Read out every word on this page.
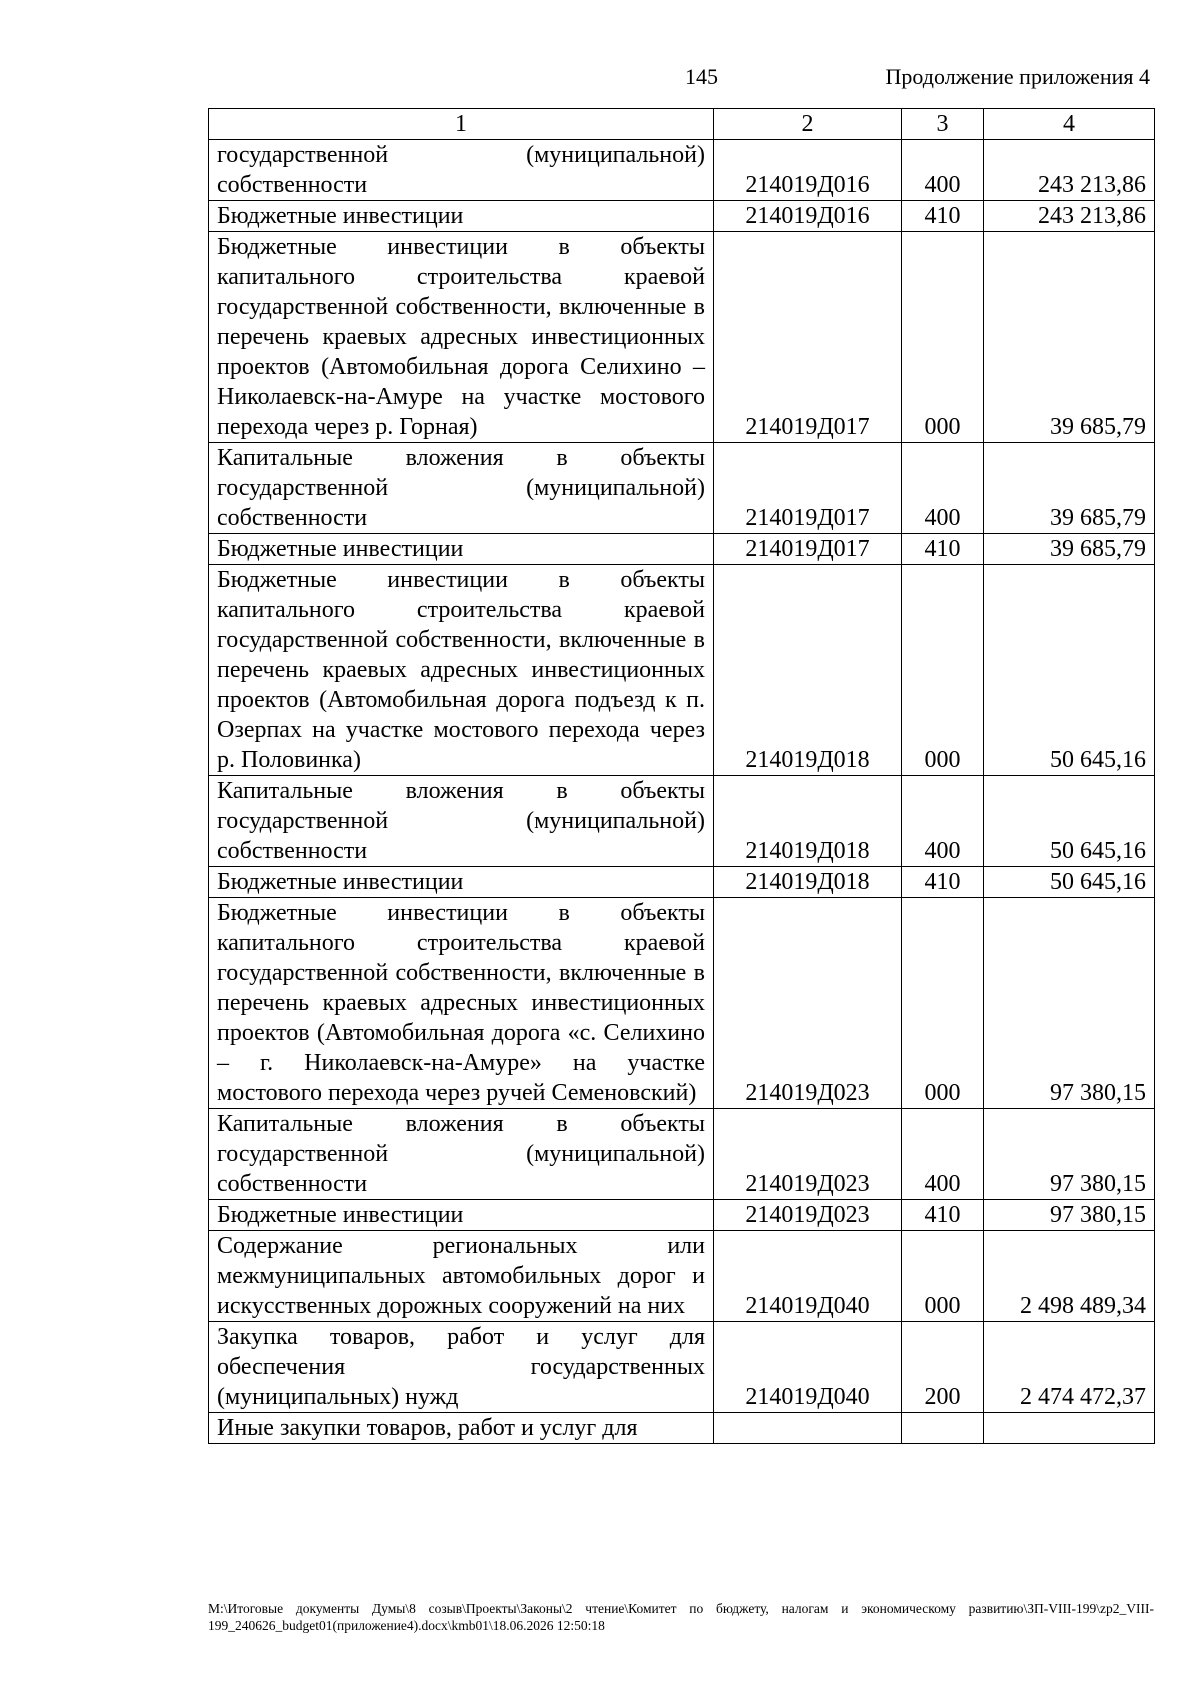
145	Продолжение приложения 4
1	2	3	4
государственной (муниципальной) собственности	214019Д016	400	243 213,86
Бюджетные инвестиции	214019Д016	410	243 213,86
Бюджетные инвестиции в объекты капитального строительства краевой государственной собственности, включенные в перечень краевых адресных инвестиционных проектов (Автомобильная дорога Селихино – Николаевск-на-Амуре на участке мостового перехода через р. Горная)	214019Д017	000	39 685,79
Капитальные вложения в объекты государственной (муниципальной) собственности	214019Д017	400	39 685,79
Бюджетные инвестиции	214019Д017	410	39 685,79
Бюджетные инвестиции в объекты капитального строительства краевой государственной собственности, включенные в перечень краевых адресных инвестиционных проектов (Автомобильная дорога подъезд к п. Озерпах на участке мостового перехода через р. Половинка)	214019Д018	000	50 645,16
Капитальные вложения в объекты государственной (муниципальной) собственности	214019Д018	400	50 645,16
Бюджетные инвестиции	214019Д018	410	50 645,16
Бюджетные инвестиции в объекты капитального строительства краевой государственной собственности, включенные в перечень краевых адресных инвестиционных проектов (Автомобильная дорога «с. Селихино – г. Николаевск-на-Амуре» на участке мостового перехода через ручей Семеновский)	214019Д023	000	97 380,15
Капитальные вложения в объекты государственной (муниципальной) собственности	214019Д023	400	97 380,15
Бюджетные инвестиции	214019Д023	410	97 380,15
Содержание региональных или межмуниципальных автомобильных дорог и искусственных дорожных сооружений на них	214019Д040	000	2 498 489,34
Закупка товаров, работ и услуг для обеспечения государственных (муниципальных) нужд	214019Д040	200	2 474 472,37
Иные закупки товаров, работ и услуг для			
М:\Итоговые документы Думы\8 созыв\Проекты\Законы\2 чтение\Комитет по бюджету, налогам и экономическому развитию\ЗП-VIII-199\zp2_VIII-199_240626_budget01(приложение4).docx\kmb01\18.06.2026 12:50:18
